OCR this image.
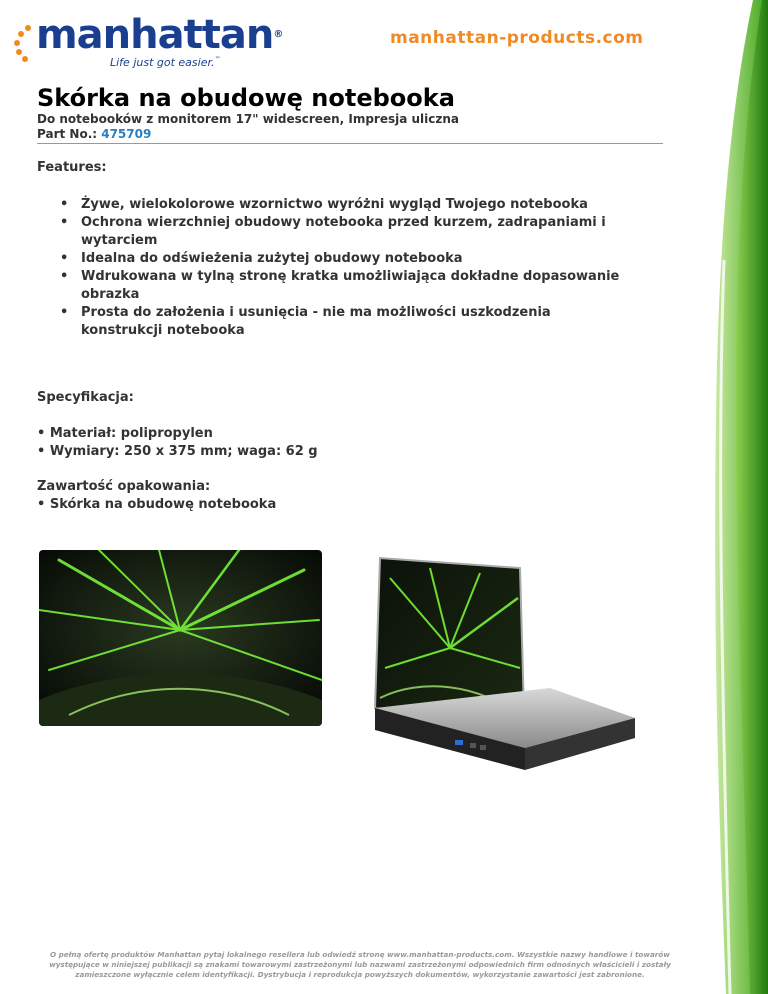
manhattan®
Life just got easier.™
manhattan-products.com
Skórka na obudowę notebooka
Do notebooków z monitorem 17" widescreen, Impresja uliczna
Part No.: 475709
Features:
• Żywe, wielokolorowe wzornictwo wyróżni wygląd Twojego notebooka
• Ochrona wierzchniej obudowy notebooka przed kurzem, zadrapaniami i wytarciem
• Idealna do odświeżenia zużytej obudowy notebooka
• Wdrukowana w tylną stronę kratka umożliwiająca dokładne dopasowanie obrazka
• Prosta do założenia i usunięcia - nie ma możliwości uszkodzenia konstrukcji notebooka
Specyfikacja:
• Materiał: polipropylen
• Wymiary: 250 x 375 mm; waga: 62 g
Zawartość opakowania:
• Skórka na obudowę notebooka
O pełną ofertę produktów Manhattan pytaj lokalnego resellera lub odwiedź stronę www.manhattan-products.com. Wszystkie nazwy handlowe i towarów występujące w niniejszej publikacji są znakami towarowymi zastrzeżonymi lub nazwami zastrzeżonymi odpowiednich firm odnośnych właścicieli i zostały zamieszczone wyłącznie celem identyfikacji. Dystrybucja i reprodukcja powyższych dokumentów, wykorzystanie zawartości jest zabronione.
